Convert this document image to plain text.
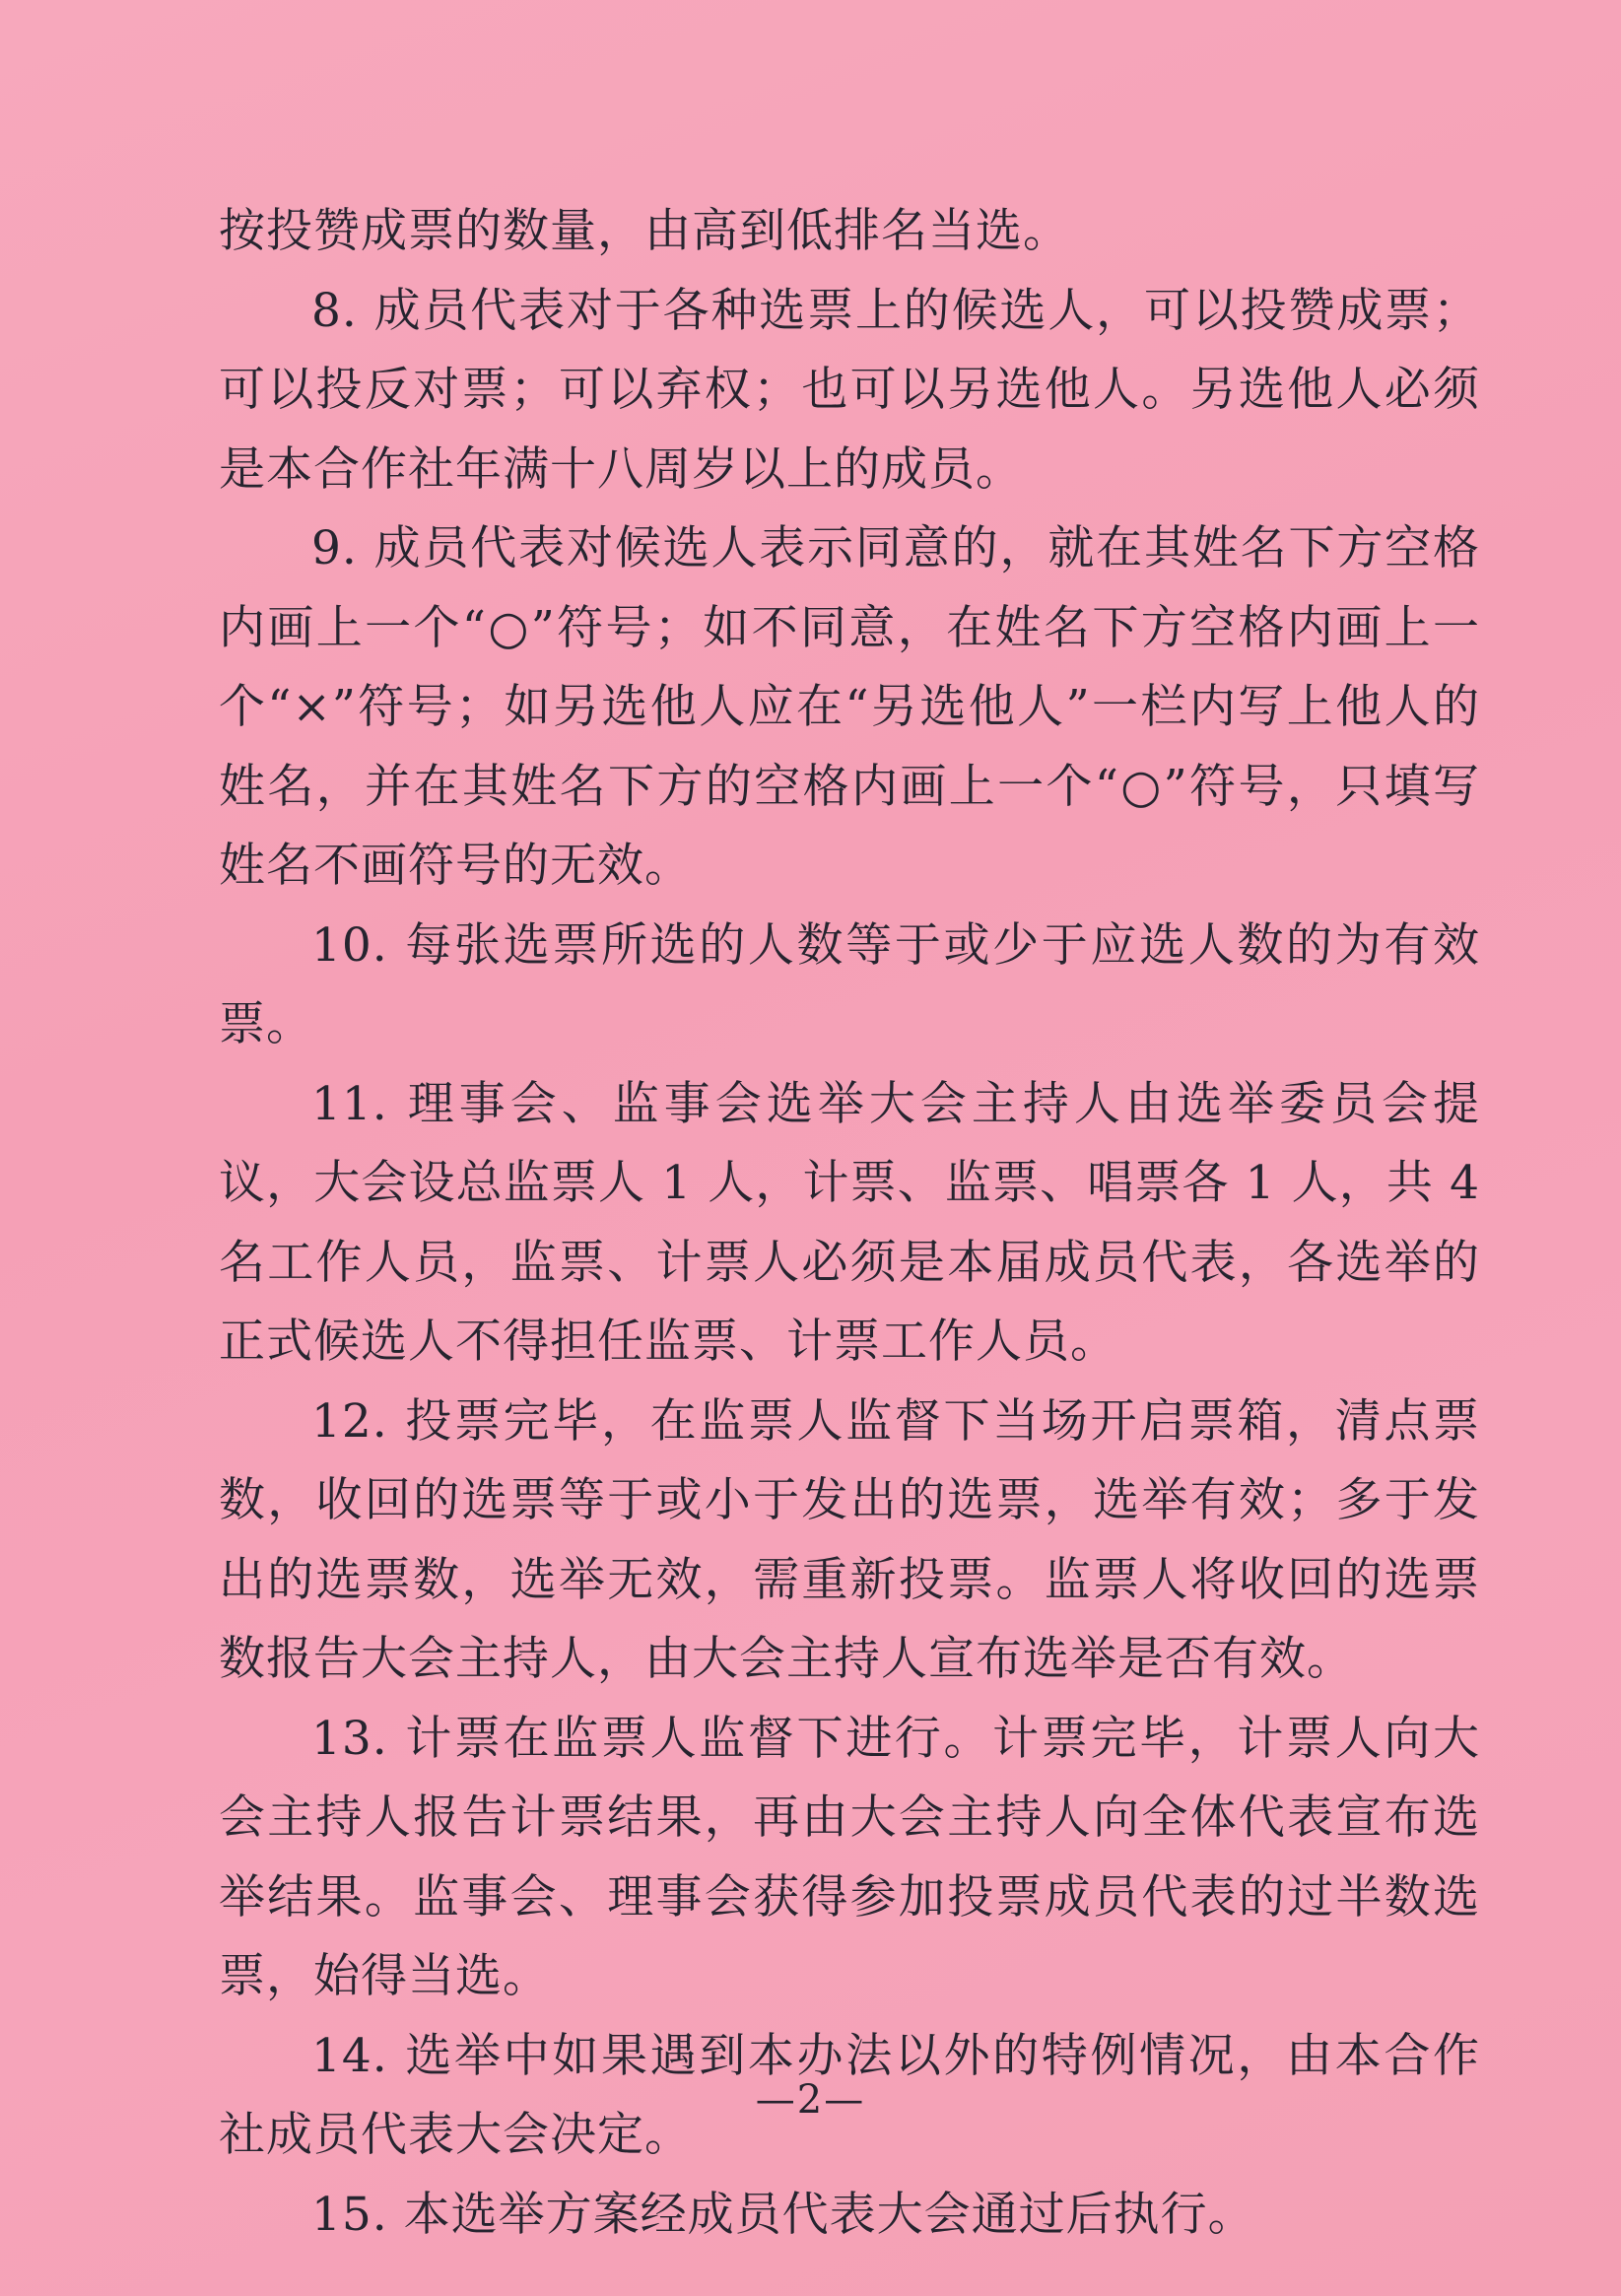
按投赞成票的数量，由高到低排名当选。

8. 成员代表对于各种选票上的候选人，可以投赞成票；可以投反对票；可以弃权；也可以另选他人。另选他人必须是本合作社年满十八周岁以上的成员。

9. 成员代表对候选人表示同意的，就在其姓名下方空格内画上一个“○”符号；如不同意，在姓名下方空格内画上一个“×”符号；如另选他人应在“另选他人”一栏内写上他人的姓名，并在其姓名下方的空格内画上一个“○”符号，只填写姓名不画符号的无效。

10. 每张选票所选的人数等于或少于应选人数的为有效票。

11. 理事会、监事会选举大会主持人由选举委员会提议，大会设总监票人 1 人，计票、监票、唱票各 1 人，共 4 名工作人员，监票、计票人必须是本届成员代表，各选举的正式候选人不得担任监票、计票工作人员。

12. 投票完毕，在监票人监督下当场开启票箱，清点票数，收回的选票等于或小于发出的选票，选举有效；多于发出的选票数，选举无效，需重新投票。监票人将收回的选票数报告大会主持人，由大会主持人宣布选举是否有效。

13. 计票在监票人监督下进行。计票完毕，计票人向大会主持人报告计票结果，再由大会主持人向全体代表宣布选举结果。监事会、理事会获得参加投票成员代表的过半数选票，始得当选。

14. 选举中如果遇到本办法以外的特例情况，由本合作社成员代表大会决定。

15. 本选举方案经成员代表大会通过后执行。

—2—
